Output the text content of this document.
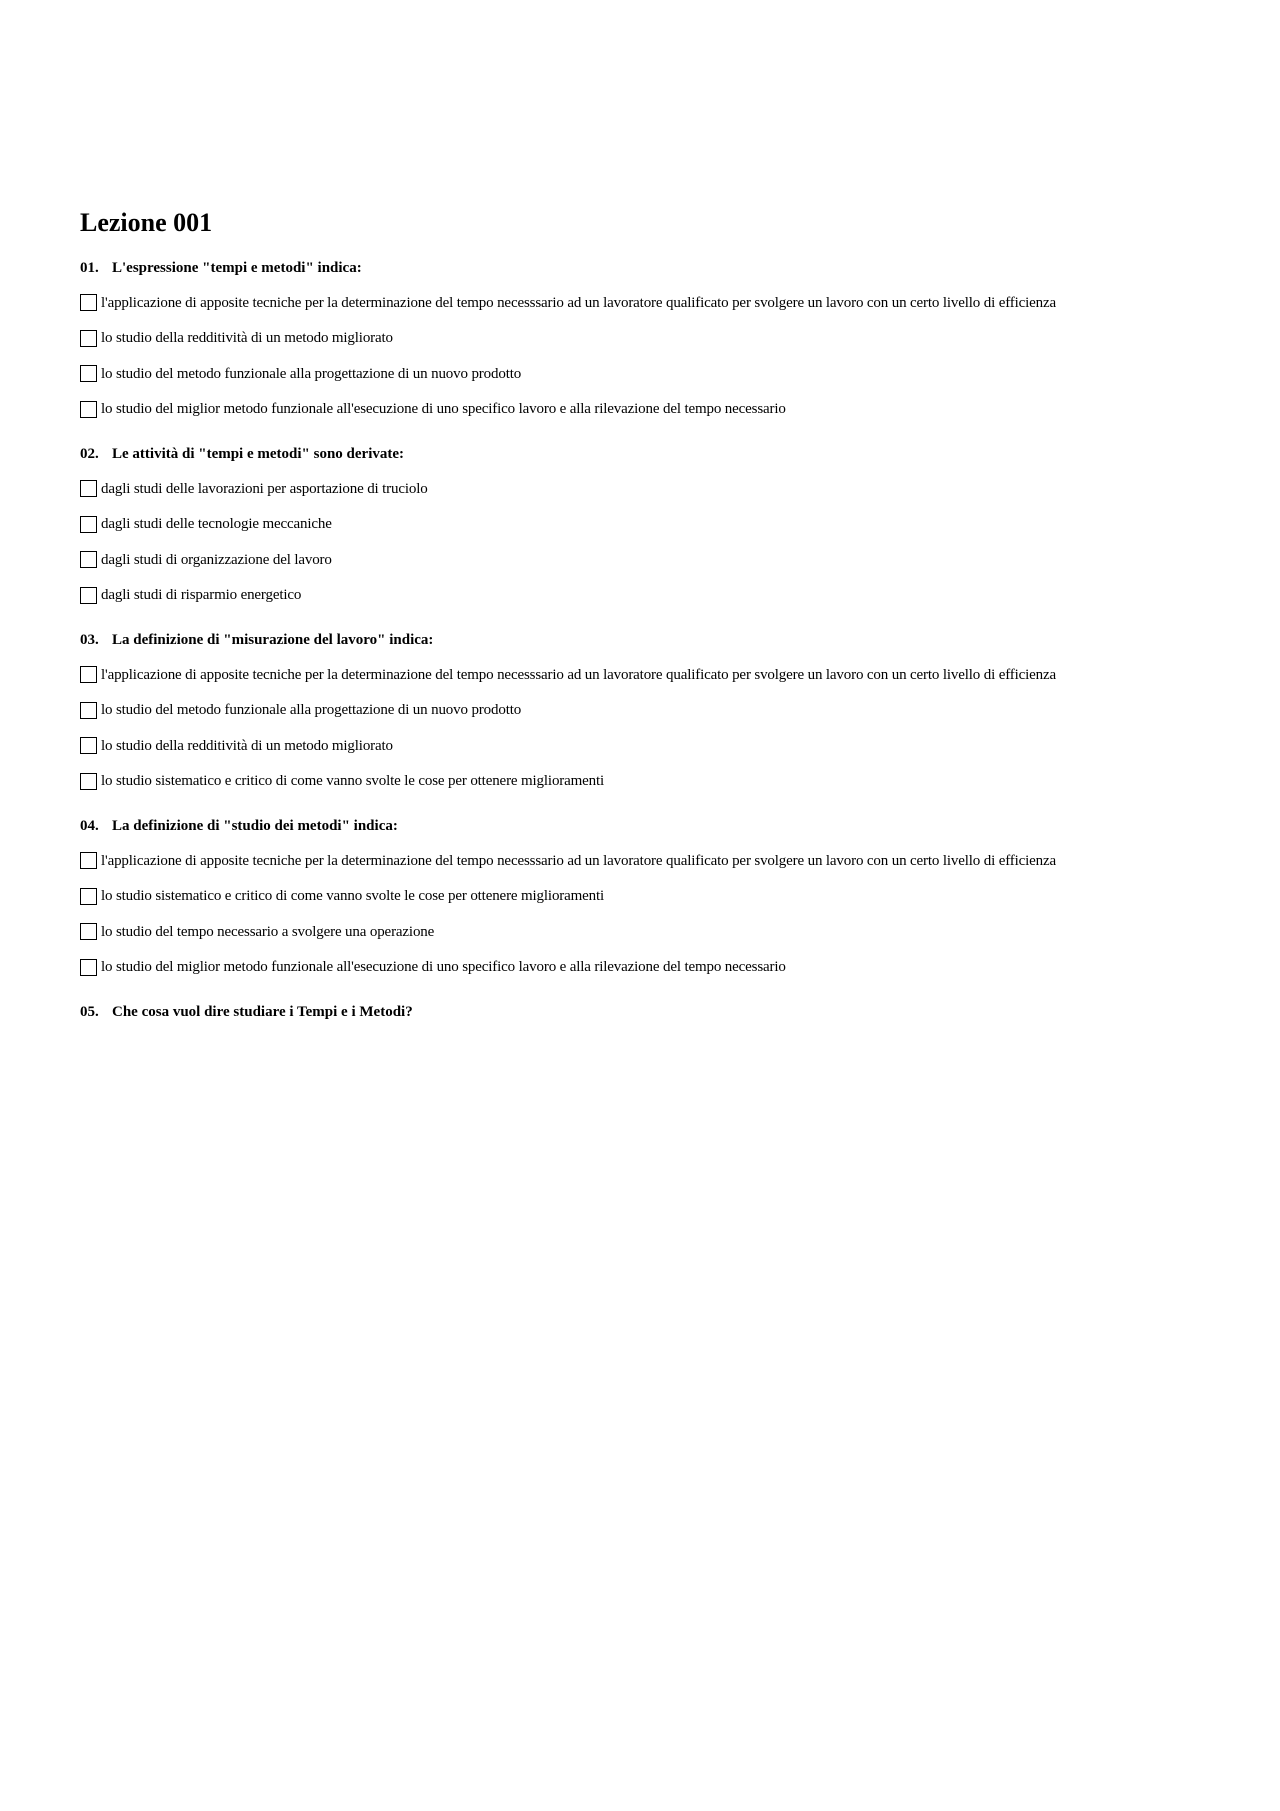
Lezione 001
01. L'espressione "tempi e metodi" indica:
l'applicazione di apposite tecniche per la determinazione del tempo necesssario ad un lavoratore qualificato per svolgere un lavoro con un certo livello di efficienza
lo studio della redditività di un metodo migliorato
lo studio del metodo funzionale alla progettazione di un nuovo prodotto
lo studio del miglior metodo funzionale all'esecuzione di uno specifico lavoro e alla rilevazione del tempo necessario
02. Le attività di "tempi e metodi" sono derivate:
dagli studi delle lavorazioni per asportazione di truciolo
dagli studi delle tecnologie meccaniche
dagli studi di organizzazione del lavoro
dagli studi di risparmio energetico
03. La definizione di "misurazione del lavoro" indica:
l'applicazione di apposite tecniche per la determinazione del tempo necesssario ad un lavoratore qualificato per svolgere un lavoro con un certo livello di efficienza
lo studio del metodo funzionale alla progettazione di un nuovo prodotto
lo studio della redditività di un metodo migliorato
lo studio sistematico e critico di come vanno svolte le cose per ottenere miglioramenti
04. La definizione di "studio dei metodi" indica:
l'applicazione di apposite tecniche per la determinazione del tempo necesssario ad un lavoratore qualificato per svolgere un lavoro con un certo livello di efficienza
lo studio sistematico e critico di come vanno svolte le cose per ottenere miglioramenti
lo studio del tempo necessario a svolgere una operazione
lo studio del miglior metodo funzionale all'esecuzione di uno specifico lavoro e alla rilevazione del tempo necessario
05. Che cosa vuol dire studiare i Tempi e i Metodi?
